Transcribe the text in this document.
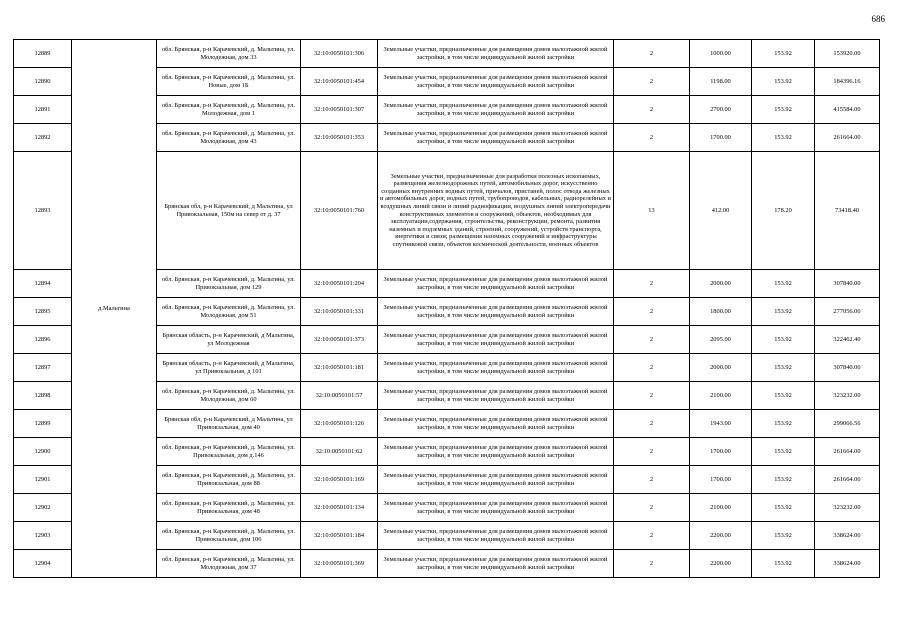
686
12889	д.Мальтина	обл. Брянская, р-н Карачевский, д. Мальтина, ул. Молодежная, дом 33	32:10:0050101:306	Земельные участки, предназначенные для размещения домов малоэтажной жилой застройки, в том числе индивидуальной жилой застройки	2	1000.00	153.92	153920.00
12890		обл. Брянская, р-н Карачевский, д. Мальтина, ул. Новые, дом 1Б	32:10:0050101:454	Земельные участки, предназначенные для размещения домов малоэтажной жилой застройки, в том числе индивидуальной жилой застройки	2	1198.00	153.92	184396.16
12891		обл. Брянская, р-н Карачевский, д. Мальтина, ул. Молодежная, дом 1	32:10:0050101:307	Земельные участки, предназначенные для размещения домов малоэтажной жилой застройки, в том числе индивидуальной жилой застройки	2	2700.00	153.92	415584.00
12892		обл. Брянская, р-н Карачевский, д. Мальтина, ул. Молодежная, дом 43	32:10:0050101:353	Земельные участки, предназначенные для размещения домов малоэтажной жилой застройки, в том числе индивидуальной жилой застройки	2	1700.00	153.92	261664.00
12893		Брянская обл, р-н Карачевский, д Мальтина, ул Привокзальная, 150м на север от д. 37	32:10:0050101:760	Земельные участки, предназначенные для разработки полезных ископаемых, размещения железнодорожных путей, автомобильных дорог, искусственно созданных внутренних водных путей, причалов, пристаней, полос отвода железных и автомобильных дорог, водных путей, трубопроводов, кабельных, радиорелейных и воздушных линий связи и линий радиофикации, воздушных линий электропередачи конструктивных элементов и сооружений, объектов, необходимых для эксплуатации,содержания, строительства, реконструкции, ремонта, развития наземных и подземных зданий, строений, сооружений, устройств транспорта, энергетики и связи; размещения наземных сооружений и инфраструктуры спутниковой связи, объектов космической деятельности, военных объектов	13	412.00	178.20	73418.40
12894		обл. Брянская, р-н Карачевский, д. Мальтина, ул. Привокзальная, дом 129	32:10:0050101:204	Земельные участки, предназначенные для размещения домов малоэтажной жилой застройки, в том числе индивидуальной жилой застройки	2	2000.00	153.92	307840.00
12895		обл. Брянская, р-н Карачевский, д. Мальтина, ул. Молодежная, дом 51	32:10:0050101:331	Земельные участки, предназначенные для размещения домов малоэтажной жилой застройки, в том числе индивидуальной жилой застройки	2	1800.00	153.92	277056.00
12896		Брянская область, р-н Карачевский, д Мальтина, ул Молодежная	32:10:0050101:373	Земельные участки, предназначенные для размещения домов малоэтажной жилой застройки, в том числе индивидуальной жилой застройки	2	2095.00	153.92	322462.40
12897		Брянская область, р-н Карачевский, д Мальтина, ул Привокзальная, д 101	32:10:0050101:181	Земельные участки, предназначенные для размещения домов малоэтажной жилой застройки, в том числе индивидуальной жилой застройки	2	2000.00	153.92	307840.00
12898		обл. Брянская, р-н Карачевский, д. Мальтина, ул. Молодежная, дом 60	32:10:0050101:57	Земельные участки, предназначенные для размещения домов малоэтажной жилой застройки, в том числе индивидуальной жилой застройки	2	2100.00	153.92	323232.00
12899		Брянская обл, р-н Карачевский, д Мальтина, ул Привокзальная, дом 40	32:10:0050101:126	Земельные участки, предназначенные для размещения домов малоэтажной жилой застройки, в том числе индивидуальной жилой застройки	2	1943.00	153.92	299066.56
12900		обл. Брянская, р-н Карачевский, д. Мальтина, ул. Привокзальная, дом д.146	32:10:0050101:62	Земельные участки, предназначенные для размещения домов малоэтажной жилой застройки, в том числе индивидуальной жилой застройки	2	1700.00	153.92	261664.00
12901		обл. Брянская, р-н Карачевский, д. Мальтина, ул. Привокзальная, дом 88	32:10:0050101:169	Земельные участки, предназначенные для размещения домов малоэтажной жилой застройки, в том числе индивидуальной жилой застройки	2	1700.00	153.92	261664.00
12902		обл. Брянская, р-н Карачевский, д. Мальтина, ул. Привокзальная, дом 48	32:10:0050101:134	Земельные участки, предназначенные для размещения домов малоэтажной жилой застройки, в том числе индивидуальной жилой застройки	2	2100.00	153.92	323232.00
12903		обл. Брянская, р-н Карачевский, д. Мальтина, ул. Привокзальная, дом 106	32:10:0050101:184	Земельные участки, предназначенные для размещения домов малоэтажной жилой застройки, в том числе индивидуальной жилой застройки	2	2200.00	153.92	338624.00
12904		обл. Брянская, р-н Карачевский, д. Мальтина, ул. Молодежная, дом 37	32:10:0050101:369	Земельные участки, предназначенные для размещения домов малоэтажной жилой застройки, в том числе индивидуальной жилой застройки	2	2200.00	153.92	338624.00
